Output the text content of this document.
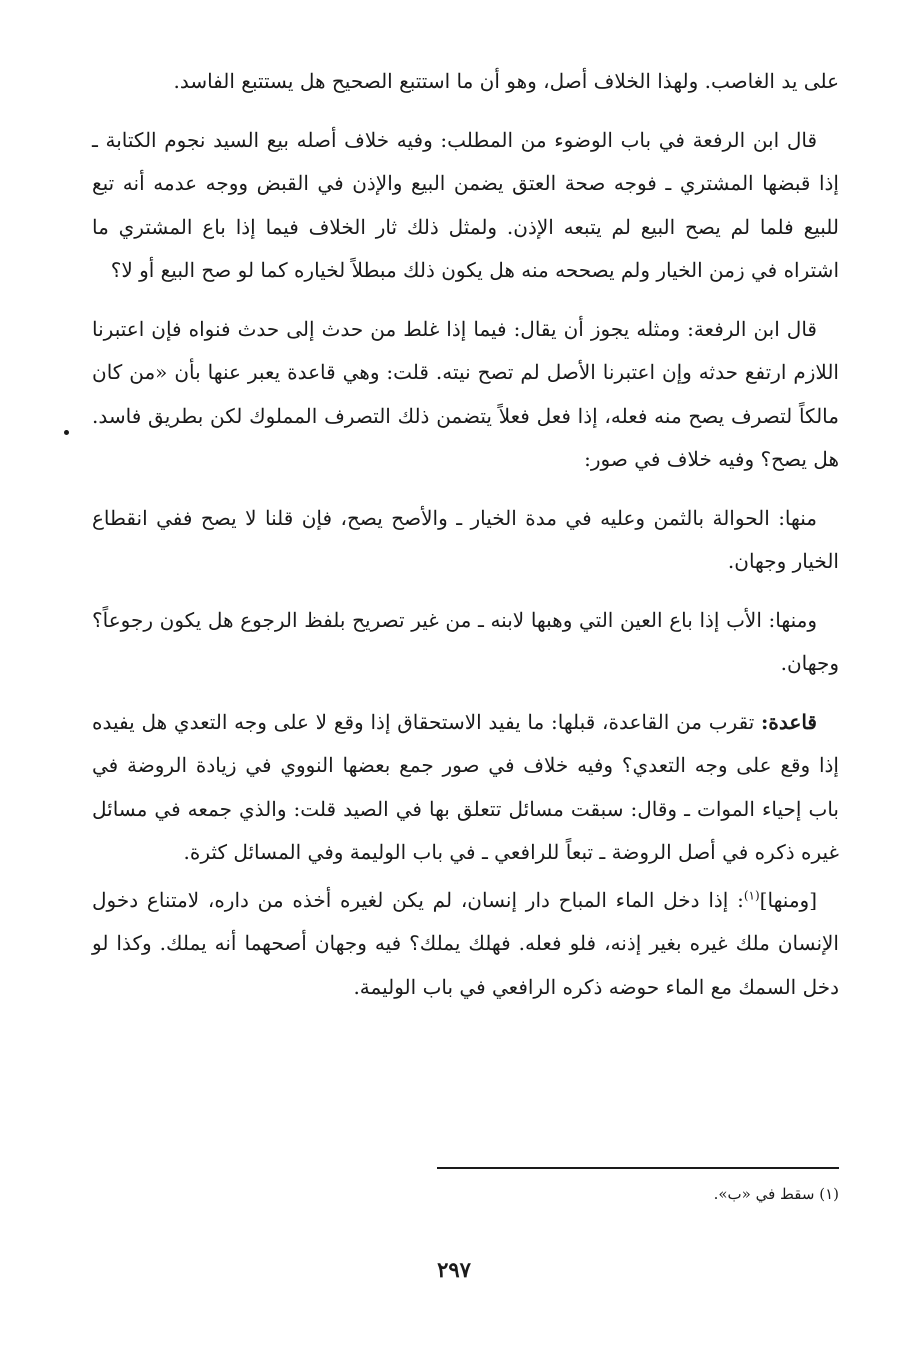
على يد الغاصب. ولهذا الخلاف أصل، وهو أن ما استتبع الصحيح هل يستتبع الفاسد.

قال ابن الرفعة في باب الوضوء من المطلب: وفيه خلاف أصله بيع السيد نجوم الكتابة ـ إذا قبضها المشتري ـ فوجه صحة العتق يضمن البيع والإذن في القبض ووجه عدمه أنه تبع للبيع فلما لم يصح البيع لم يتبعه الإذن. ولمثل ذلك ثار الخلاف فيما إذا باع المشتري ما اشتراه في زمن الخيار ولم يصححه منه هل يكون ذلك مبطلاً لخياره كما لو صح البيع أو لا؟

قال ابن الرفعة: ومثله يجوز أن يقال: فيما إذا غلط من حدث إلى حدث فنواه فإن اعتبرنا اللازم ارتفع حدثه وإن اعتبرنا الأصل لم تصح نيته. قلت: وهي قاعدة يعبر عنها بأن «من كان مالكاً لتصرف يصح منه فعله، إذا فعل فعلاً يتضمن ذلك التصرف المملوك لكن بطريق فاسد. هل يصح؟ وفيه خلاف في صور:

منها: الحوالة بالثمن وعليه في مدة الخيار ـ والأصح يصح، فإن قلنا لا يصح ففي انقطاع الخيار وجهان.

ومنها: الأب إذا باع العين التي وهبها لابنه ـ من غير تصريح بلفظ الرجوع هل يكون رجوعاً؟ وجهان.

قاعدة: تقرب من القاعدة، قبلها: ما يفيد الاستحقاق إذا وقع لا على وجه التعدي هل يفيده إذا وقع على وجه التعدي؟ وفيه خلاف في صور جمع بعضها النووي في زيادة الروضة في باب إحياء الموات ـ وقال: سبقت مسائل تتعلق بها في الصيد قلت: والذي جمعه في مسائل غيره ذكره في أصل الروضة ـ تبعاً للرافعي ـ في باب الوليمة وفي المسائل كثرة.

[ومنها]$^{(١)}$: إذا دخل الماء المباح دار إنسان، لم يكن لغيره أخذه من داره، لامتناع دخول الإنسان ملك غيره بغير إذنه، فلو فعله. فهلك يملك؟ فيه وجهان أصحهما أنه يملك. وكذا لو دخل السمك مع الماء حوضه ذكره الرافعي في باب الوليمة.

(١) سقط في «ب».
٢٩٧
